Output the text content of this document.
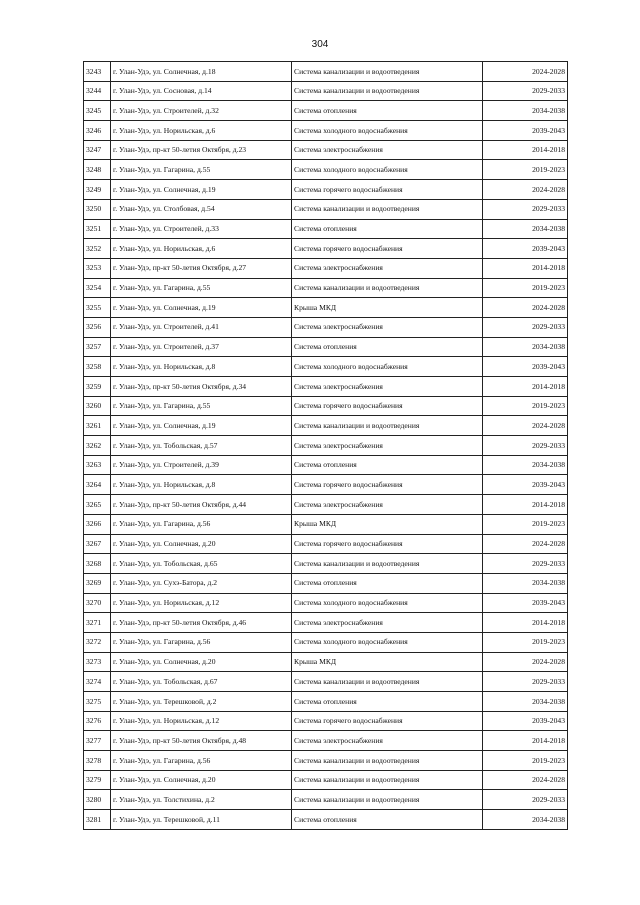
304
3243	г. Улан-Удэ, ул. Солнечная, д.18	Система канализации и водоотведения	2024-2028
3244	г. Улан-Удэ, ул. Сосновая, д.14	Система канализации и водоотведения	2029-2033
3245	г. Улан-Удэ, ул. Строителей, д.32	Система отопления	2034-2038
3246	г. Улан-Удэ, ул. Норильская, д.6	Система холодного водоснабжения	2039-2043
3247	г. Улан-Удэ, пр-кт 50-летия Октября, д.23	Система электроснабжения	2014-2018
3248	г. Улан-Удэ, ул. Гагарина, д.55	Система холодного водоснабжения	2019-2023
3249	г. Улан-Удэ, ул. Солнечная, д.19	Система горячего водоснабжения	2024-2028
3250	г. Улан-Удэ, ул. Столбовая, д.54	Система канализации и водоотведения	2029-2033
3251	г. Улан-Удэ, ул. Строителей, д.33	Система отопления	2034-2038
3252	г. Улан-Удэ, ул. Норильская, д.6	Система горячего водоснабжения	2039-2043
3253	г. Улан-Удэ, пр-кт 50-летия Октября, д.27	Система электроснабжения	2014-2018
3254	г. Улан-Удэ, ул. Гагарина, д.55	Система канализации и водоотведения	2019-2023
3255	г. Улан-Удэ, ул. Солнечная, д.19	Крыша МКД	2024-2028
3256	г. Улан-Удэ, ул. Строителей, д.41	Система электроснабжения	2029-2033
3257	г. Улан-Удэ, ул. Строителей, д.37	Система отопления	2034-2038
3258	г. Улан-Удэ, ул. Норильская, д.8	Система холодного водоснабжения	2039-2043
3259	г. Улан-Удэ, пр-кт 50-летия Октября, д.34	Система электроснабжения	2014-2018
3260	г. Улан-Удэ, ул. Гагарина, д.55	Система горячего водоснабжения	2019-2023
3261	г. Улан-Удэ, ул. Солнечная, д.19	Система канализации и водоотведения	2024-2028
3262	г. Улан-Удэ, ул. Тобольская, д.57	Система электроснабжения	2029-2033
3263	г. Улан-Удэ, ул. Строителей, д.39	Система отопления	2034-2038
3264	г. Улан-Удэ, ул. Норильская, д.8	Система горячего водоснабжения	2039-2043
3265	г. Улан-Удэ, пр-кт 50-летия Октября, д.44	Система электроснабжения	2014-2018
3266	г. Улан-Удэ, ул. Гагарина, д.56	Крыша МКД	2019-2023
3267	г. Улан-Удэ, ул. Солнечная, д.20	Система горячего водоснабжения	2024-2028
3268	г. Улан-Удэ, ул. Тобольская, д.65	Система канализации и водоотведения	2029-2033
3269	г. Улан-Удэ, ул. Сухэ-Батора, д.2	Система отопления	2034-2038
3270	г. Улан-Удэ, ул. Норильская, д.12	Система холодного водоснабжения	2039-2043
3271	г. Улан-Удэ, пр-кт 50-летия Октября, д.46	Система электроснабжения	2014-2018
3272	г. Улан-Удэ, ул. Гагарина, д.56	Система холодного водоснабжения	2019-2023
3273	г. Улан-Удэ, ул. Солнечная, д.20	Крыша МКД	2024-2028
3274	г. Улан-Удэ, ул. Тобольская, д.67	Система канализации и водоотведения	2029-2033
3275	г. Улан-Удэ, ул. Терешковой, д.2	Система отопления	2034-2038
3276	г. Улан-Удэ, ул. Норильская, д.12	Система горячего водоснабжения	2039-2043
3277	г. Улан-Удэ, пр-кт 50-летия Октября, д.48	Система электроснабжения	2014-2018
3278	г. Улан-Удэ, ул. Гагарина, д.56	Система канализации и водоотведения	2019-2023
3279	г. Улан-Удэ, ул. Солнечная, д.20	Система канализации и водоотведения	2024-2028
3280	г. Улан-Удэ, ул. Толстихина, д.2	Система канализации и водоотведения	2029-2033
3281	г. Улан-Удэ, ул. Терешковой, д.11	Система отопления	2034-2038
